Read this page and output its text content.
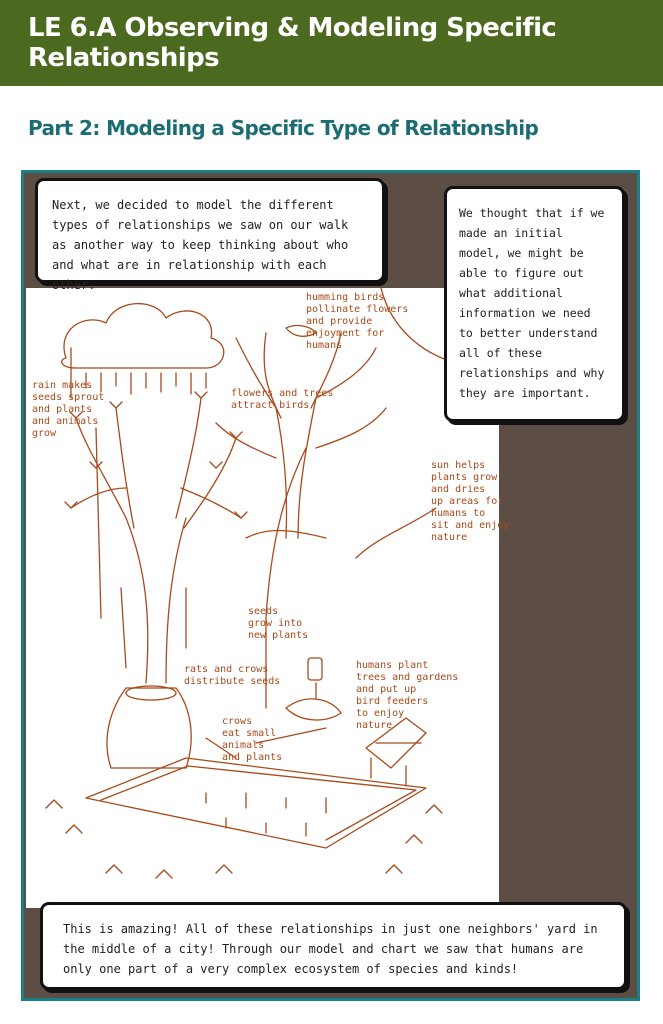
LE 6.A Observing & Modeling Specific Relationships
Part 2: Modeling a Specific Type of Relationship
humming birds
pollinate flowers
and provide
enjoyment for
humans
rain makes
seeds sprout
and plants
and animals
grow
flowers and trees
attract birds
sun helps
plants grow
and dries
up areas for
humans to
sit and enjoy
nature
seeds
grow into
new plants
rats and crows
distribute seeds
humans plant
trees and gardens
and put up
bird feeders
to enjoy
nature
crows
eat small
animals
and plants
Next, we decided to model the different types of relationships we saw on our walk as another way to keep thinking about who and what are in relationship with each other.
We thought that if we made an initial model, we might be able to figure out what additional information we need to better understand all of these relationships and why they are important.
This is amazing! All of these relationships in just one neighbors' yard in the middle of a city! Through our model and chart we saw that humans are only one part of a very complex ecosystem of species and kinds!
